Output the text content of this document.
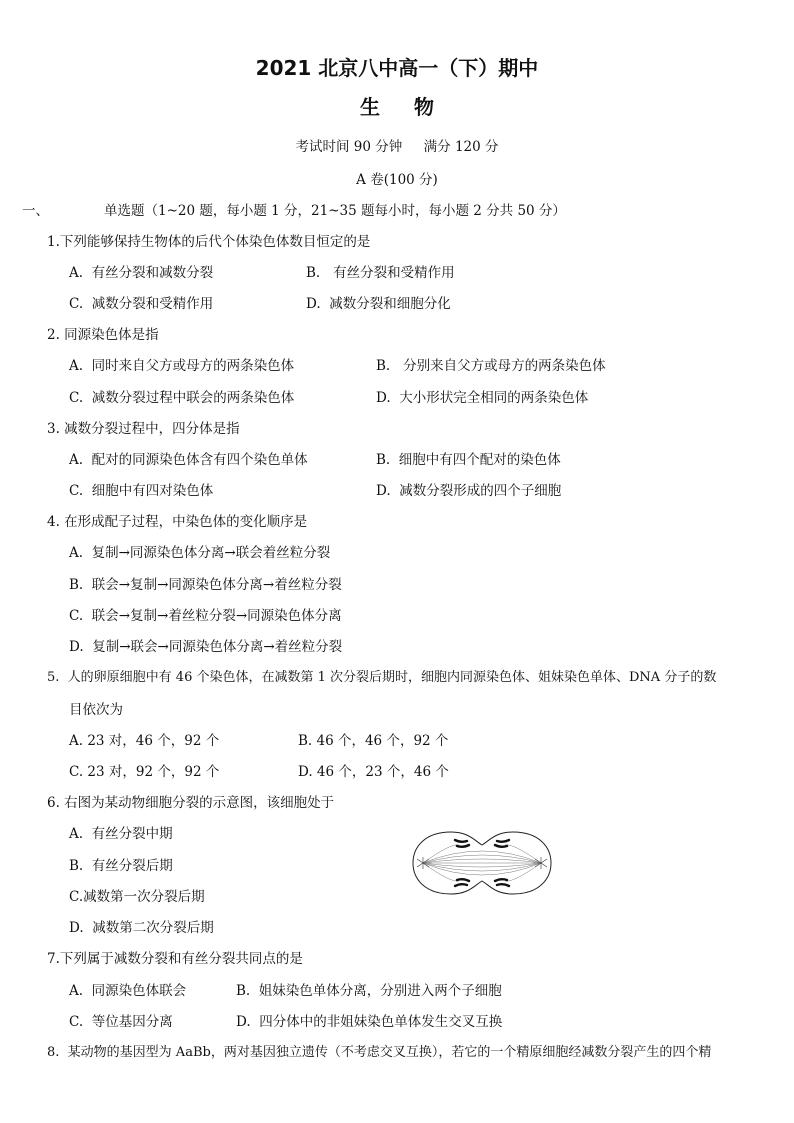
2021 北京八中高一（下）期中
生物
考试时间 90 分钟     满分 120 分
A 卷(100 分)
一、	单选题（1~20 题，每小题 1 分，21~35 题每小时，每小题 2 分共 50 分）
1.下列能够保持生物体的后代个体染色体数目恒定的是
A.  有丝分裂和减数分裂	B.   有丝分裂和受精作用
C.  减数分裂和受精作用	D.  减数分裂和细胞分化
2. 同源染色体是指
A.  同时来自父方或母方的两条染色体	B.   分别来自父方或母方的两条染色体
C.  减数分裂过程中联会的两条染色体	D.  大小形状完全相同的两条染色体
3. 减数分裂过程中，四分体是指
A.  配对的同源染色体含有四个染色单体	B.  细胞中有四个配对的染色体
C.  细胞中有四对染色体	D.  减数分裂形成的四个子细胞
4. 在形成配子过程，中染色体的变化顺序是
A.  复制→同源染色体分离→联会着丝粒分裂
B.  联会→复制→同源染色体分离→着丝粒分裂
C.  联会→复制→着丝粒分裂→同源染色体分离
D.  复制→联会→同源染色体分离→着丝粒分裂
5.  人的卵原细胞中有 46 个染色体，在减数第 1 次分裂后期时，细胞内同源染色体、姐妹染色单体、DNA 分子的数
目依次为
A. 23 对，46 个，92 个	B. 46 个，46 个，92 个
C. 23 对，92 个，92 个	D. 46 个，23 个，46 个
6. 右图为某动物细胞分裂的示意图，该细胞处于
A.  有丝分裂中期
B.  有丝分裂后期
C.减数第一次分裂后期
D.  减数第二次分裂后期
7.下列属于减数分裂和有丝分裂共同点的是
A.  同源染色体联会	B.  姐妹染色单体分离，分别进入两个子细胞
C.  等位基因分离	D.  四分体中的非姐妹染色单体发生交叉互换
8.  某动物的基因型为 AaBb，两对基因独立遗传（不考虑交叉互换），若它的一个精原细胞经减数分裂产生的四个精
